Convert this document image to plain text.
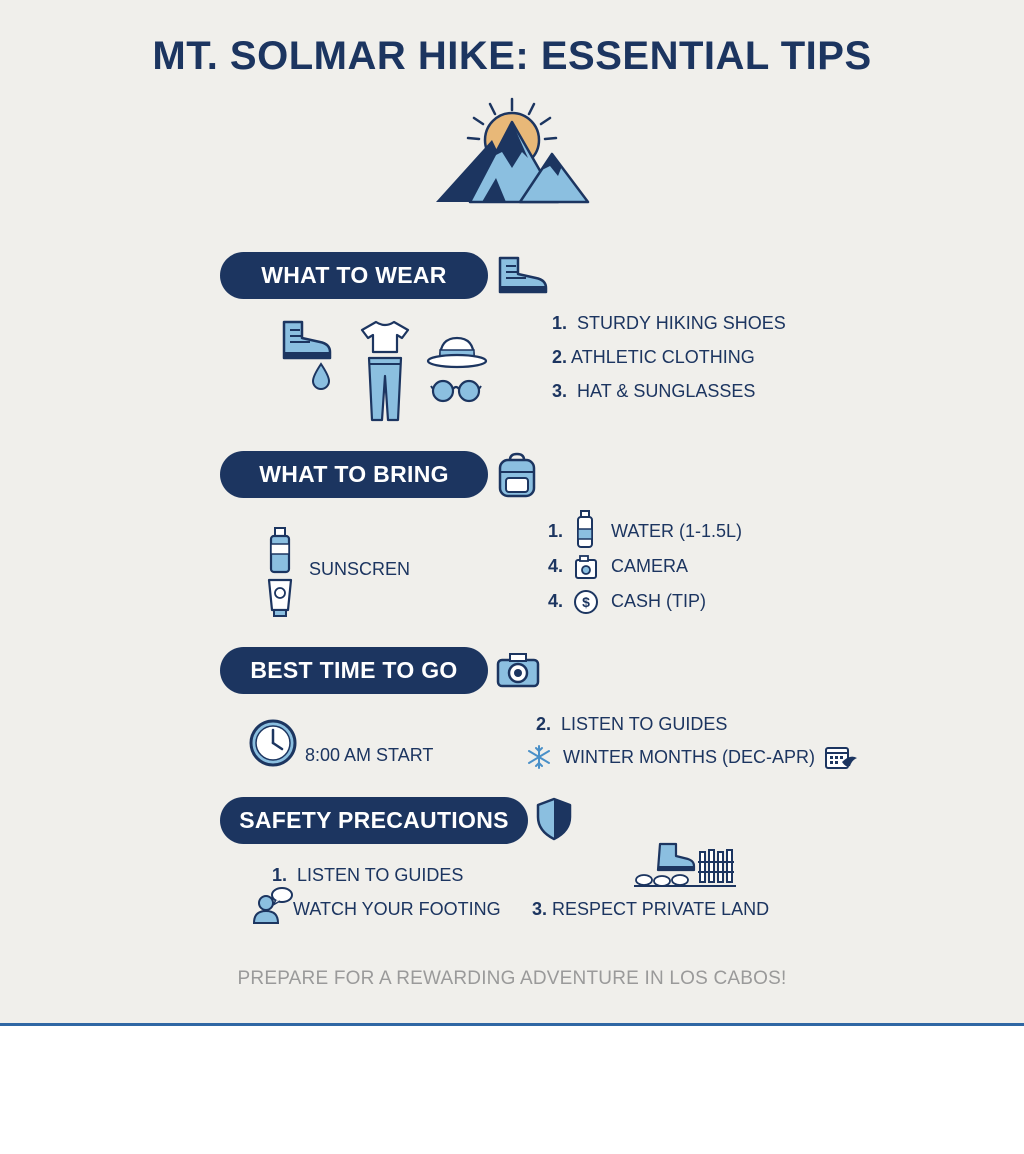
MT. SOLMAR HIKE: ESSENTIAL TIPS
WHAT TO WEAR
1. STURDY HIKING SHOES
2. ATHLETIC CLOTHING
3. HAT & SUNGLASSES
WHAT TO BRING
SUNSCREN
1.	WATER (1-1.5L)
4.	CAMERA
4. $ CASH (TIP)
BEST TIME TO GO
8:00 AM START
2. LISTEN TO GUIDES
WINTER MONTHS (DEC-APR)
SAFETY PRECAUTIONS
1. LISTEN TO GUIDES
WATCH YOUR FOOTING 3. RESPECT PRIVATE LAND
PREPARE FOR A REWARDING ADVENTURE IN LOS CABOS!
